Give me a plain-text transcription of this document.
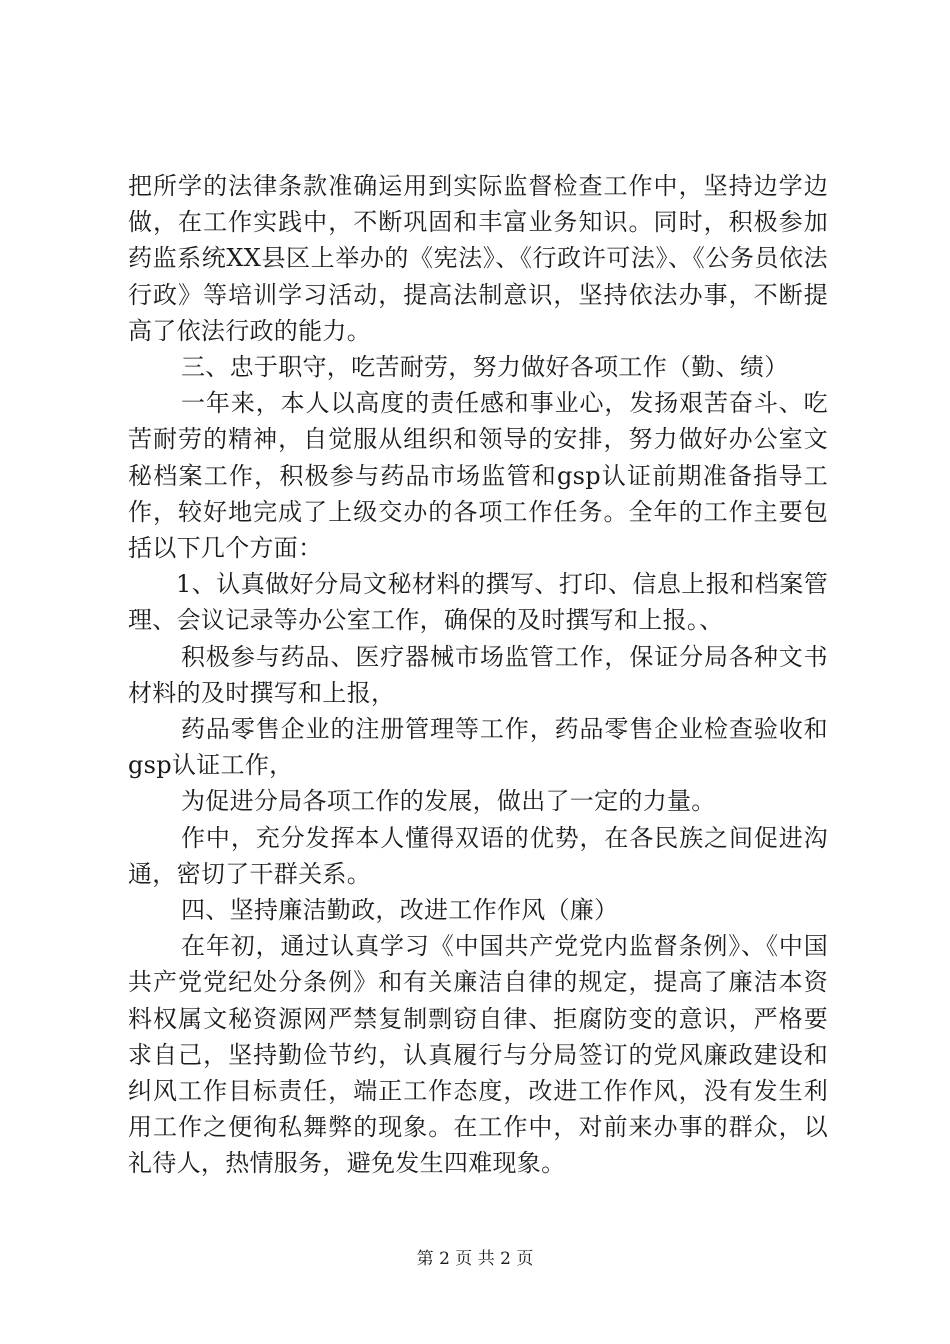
把所学的法律条款准确运用到实际监督检查工作中，坚持边学边做，在工作实践中，不断巩固和丰富业务知识。同时，积极参加药监系统XX县区上举办的《宪法》、《行政许可法》、《公务员依法行政》等培训学习活动，提高法制意识，坚持依法办事，不断提高了依法行政的能力。

三、忠于职守，吃苦耐劳，努力做好各项工作（勤、绩）

一年来，本人以高度的责任感和事业心，发扬艰苦奋斗、吃苦耐劳的精神，自觉服从组织和领导的安排，努力做好办公室文秘档案工作，积极参与药品市场监管和gsp认证前期准备指导工作，较好地完成了上级交办的各项工作任务。全年的工作主要包括以下几个方面：

1、认真做好分局文秘材料的撰写、打印、信息上报和档案管理、会议记录等办公室工作，确保的及时撰写和上报。、

积极参与药品、医疗器械市场监管工作，保证分局各种文书材料的及时撰写和上报，

药品零售企业的注册管理等工作，药品零售企业检查验收和gsp认证工作，

为促进分局各项工作的发展，做出了一定的力量。

作中，充分发挥本人懂得双语的优势，在各民族之间促进沟通，密切了干群关系。

四、坚持廉洁勤政，改进工作作风（廉）

在年初，通过认真学习《中国共产党党内监督条例》、《中国共产党党纪处分条例》和有关廉洁自律的规定，提高了廉洁本资料权属文秘资源网严禁复制剽窃自律、拒腐防变的意识，严格要求自己，坚持勤俭节约，认真履行与分局签订的党风廉政建设和纠风工作目标责任，端正工作态度，改进工作作风，没有发生利用工作之便徇私舞弊的现象。在工作中，对前来办事的群众，以礼待人，热情服务，避免发生四难现象。

第 2 页 共 2 页
